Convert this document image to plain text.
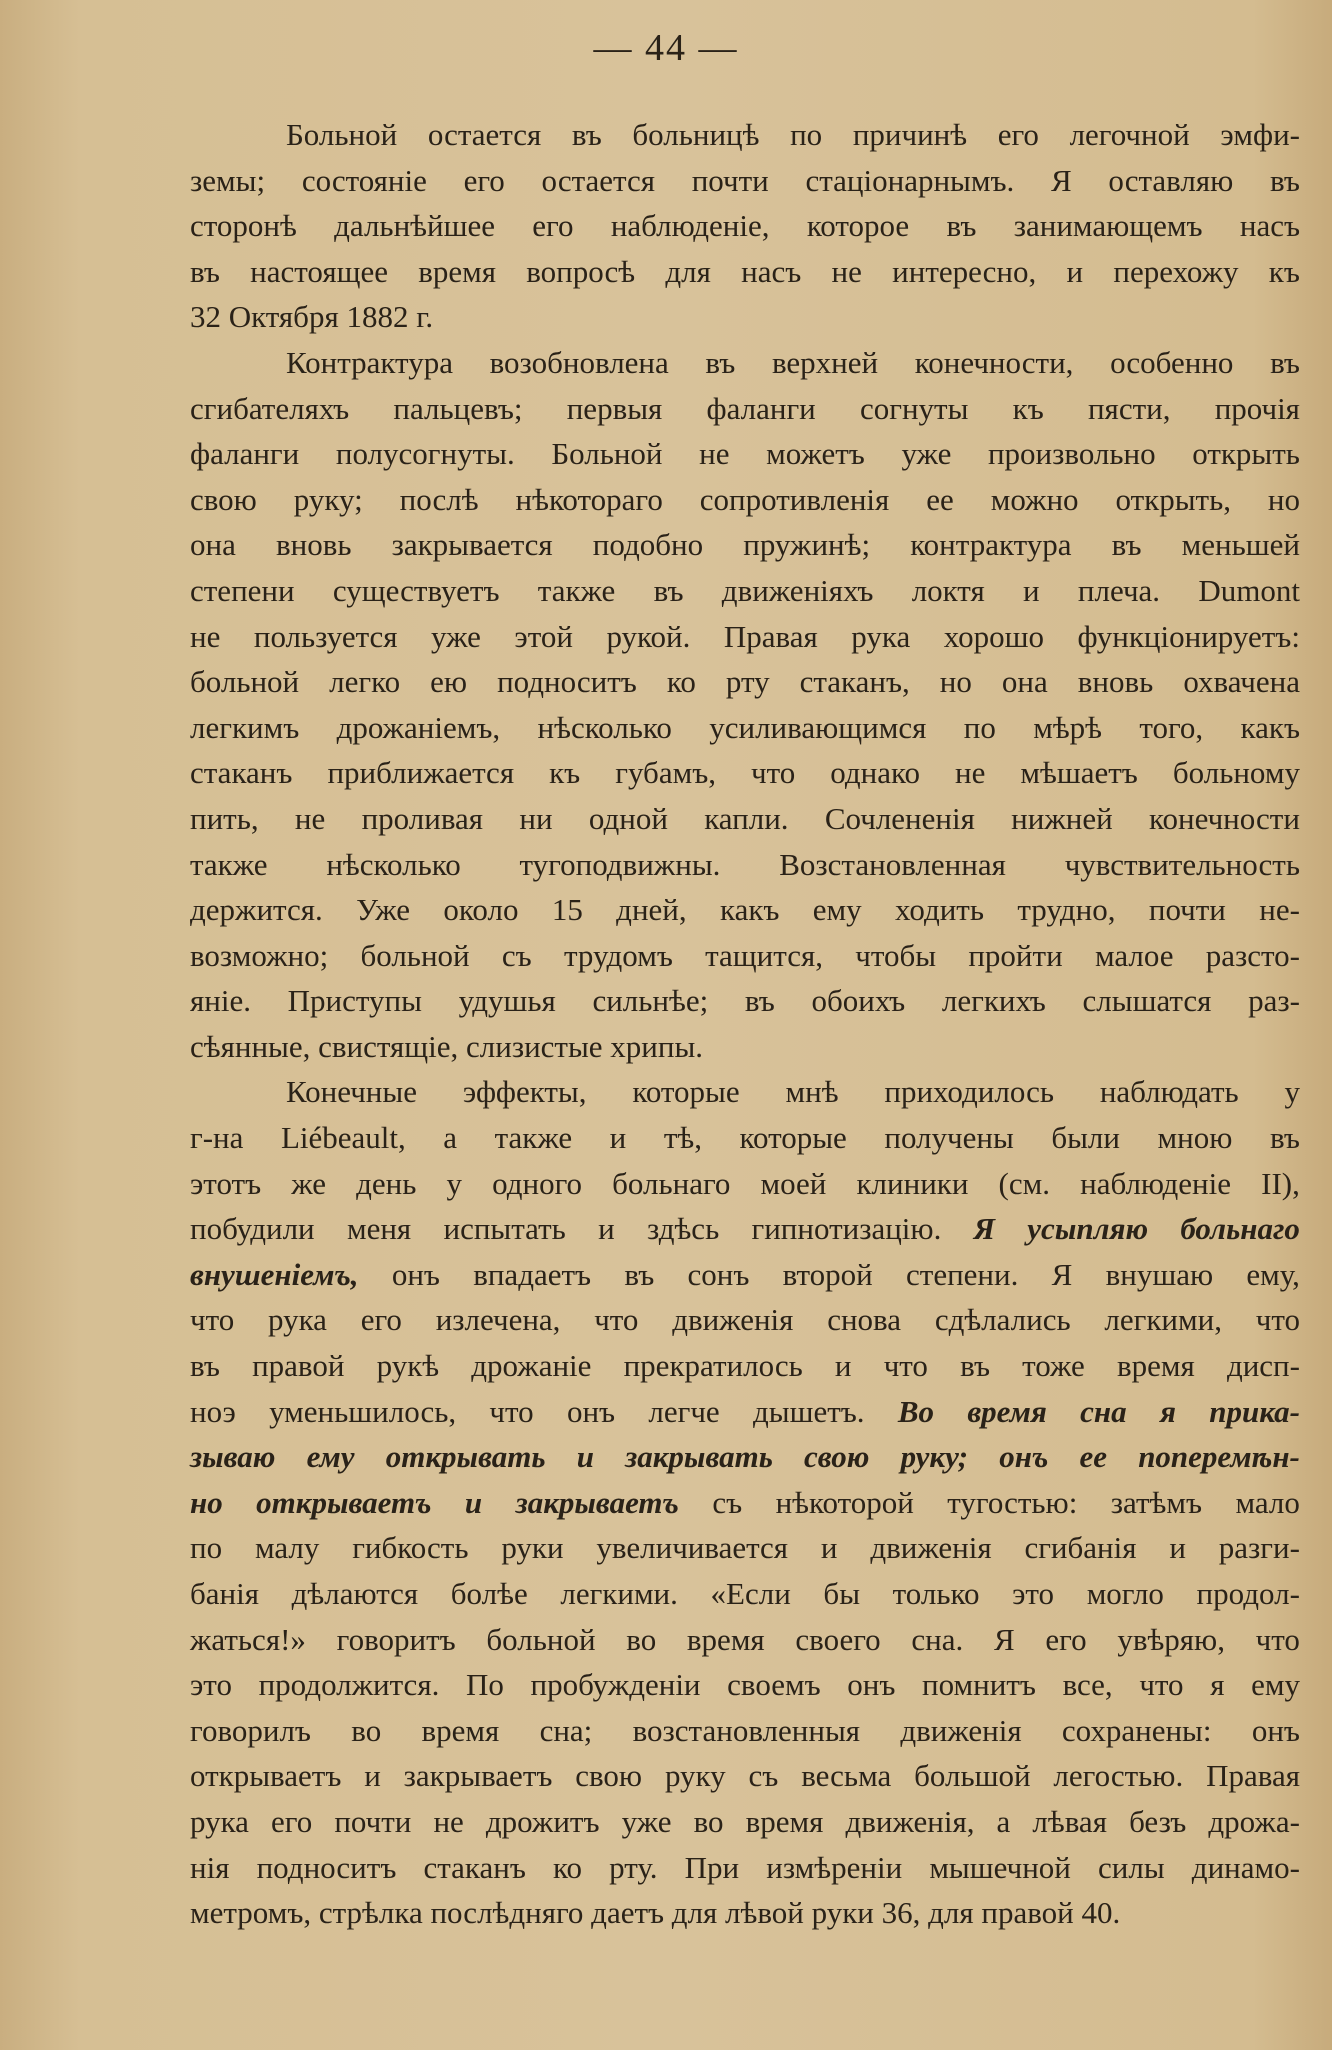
— 44 —
Больной остается въ больницѣ по причинѣ его легочной эмфи-
земы; состояніе его остается почти стаціонарнымъ. Я оставляю въ
сторонѣ дальнѣйшее его наблюденіе, которое въ занимающемъ насъ
въ настоящее время вопросѣ для насъ не интересно, и перехожу къ
32 Октября 1882 г.
Контрактура возобновлена въ верхней конечности, особенно въ
сгибателяхъ пальцевъ; первыя фаланги согнуты къ пясти, прочія
фаланги полусогнуты. Больной не можетъ уже произвольно открыть
свою руку; послѣ нѣкотораго сопротивленія ее можно открыть, но
она вновь закрывается подобно пружинѣ; контрактура въ меньшей
степени существуетъ также въ движеніяхъ локтя и плеча. Dumont
не пользуется уже этой рукой. Правая рука хорошо функціонируетъ:
больной легко ею подноситъ ко рту стаканъ, но она вновь охвачена
легкимъ дрожаніемъ, нѣсколько усиливающимся по мѣрѣ того, какъ
стаканъ приближается къ губамъ, что однако не мѣшаетъ больному
пить, не проливая ни одной капли. Сочлененія нижней конечности
также нѣсколько тугоподвижны. Возстановленная чувствительность
держится. Уже около 15 дней, какъ ему ходить трудно, почти не-
возможно; больной съ трудомъ тащится, чтобы пройти малое разсто-
яніе. Приступы удушья сильнѣе; въ обоихъ легкихъ слышатся раз-
сѣянные, свистящіе, слизистые хрипы.
Конечные эффекты, которые мнѣ приходилось наблюдать у
г-на Liébeault, а также и тѣ, которые получены были мною въ
этотъ же день у одного больнаго моей клиники (см. наблюденіе II),
побудили меня испытать и здѣсь гипнотизацію. Я усыпляю больнаго
внушеніемъ, онъ впадаетъ въ сонъ второй степени. Я внушаю ему,
что рука его излечена, что движенія снова сдѣлались легкими, что
въ правой рукѣ дрожаніе прекратилось и что въ тоже время дисп-
ноэ уменьшилось, что онъ легче дышетъ. Во время сна я прика-
зываю ему открывать и закрывать свою руку; онъ ее поперемѣн-
но открываетъ и закрываетъ съ нѣкоторой тугостью: затѣмъ мало
по малу гибкость руки увеличивается и движенія сгибанія и разги-
банія дѣлаются болѣе легкими. «Если бы только это могло продол-
жаться!» говоритъ больной во время своего сна. Я его увѣряю, что
это продолжится. По пробужденіи своемъ онъ помнитъ все, что я ему
говорилъ во время сна; возстановленныя движенія сохранены: онъ
открываетъ и закрываетъ свою руку съ весьма большой легостью. Правая
рука его почти не дрожитъ уже во время движенія, а лѣвая безъ дрожа-
нія подноситъ стаканъ ко рту. При измѣреніи мышечной силы динамо-
метромъ, стрѣлка послѣдняго даетъ для лѣвой руки 36, для правой 40.
